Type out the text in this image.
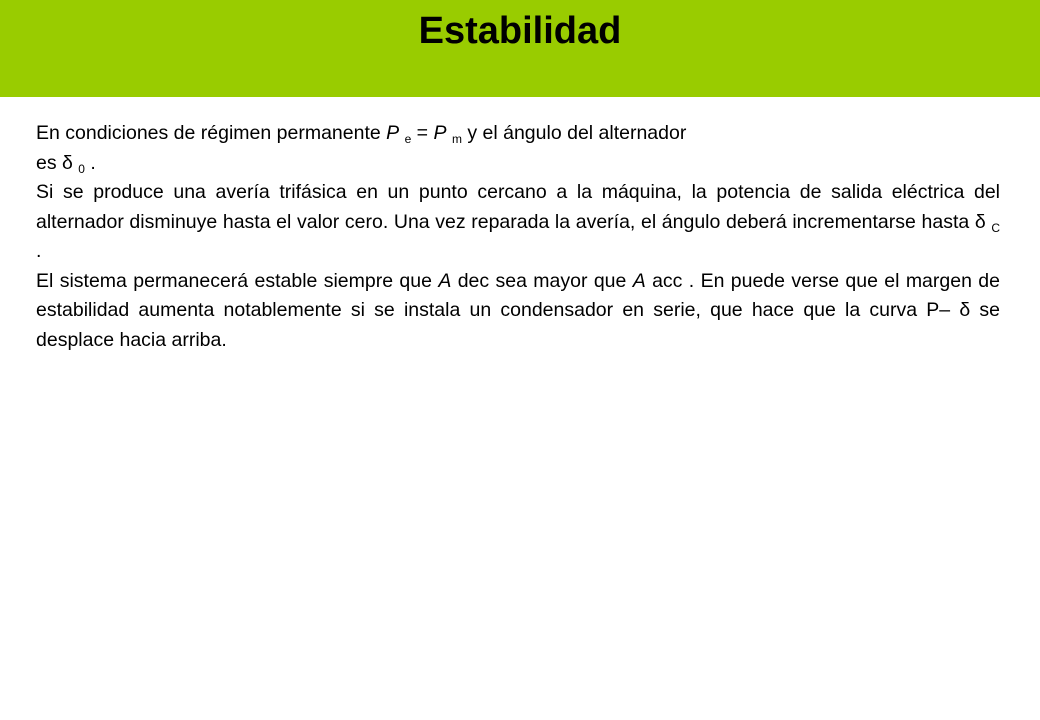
Estabilidad

En condiciones de régimen permanente P $_e$ = P $_m$ y el ángulo del alternador

es δ $_0$ .

Si se produce una avería trifásica en un punto cercano a la máquina, la potencia de salida eléctrica del alternador disminuye hasta el valor cero. Una vez reparada la avería, el ángulo deberá incrementarse hasta δ $_C$ .

El sistema permanecerá estable siempre que A dec sea mayor que A acc . En puede verse que el margen de estabilidad aumenta notablemente si se instala un condensador en serie, que hace que la curva P– δ se desplace hacia arriba.
